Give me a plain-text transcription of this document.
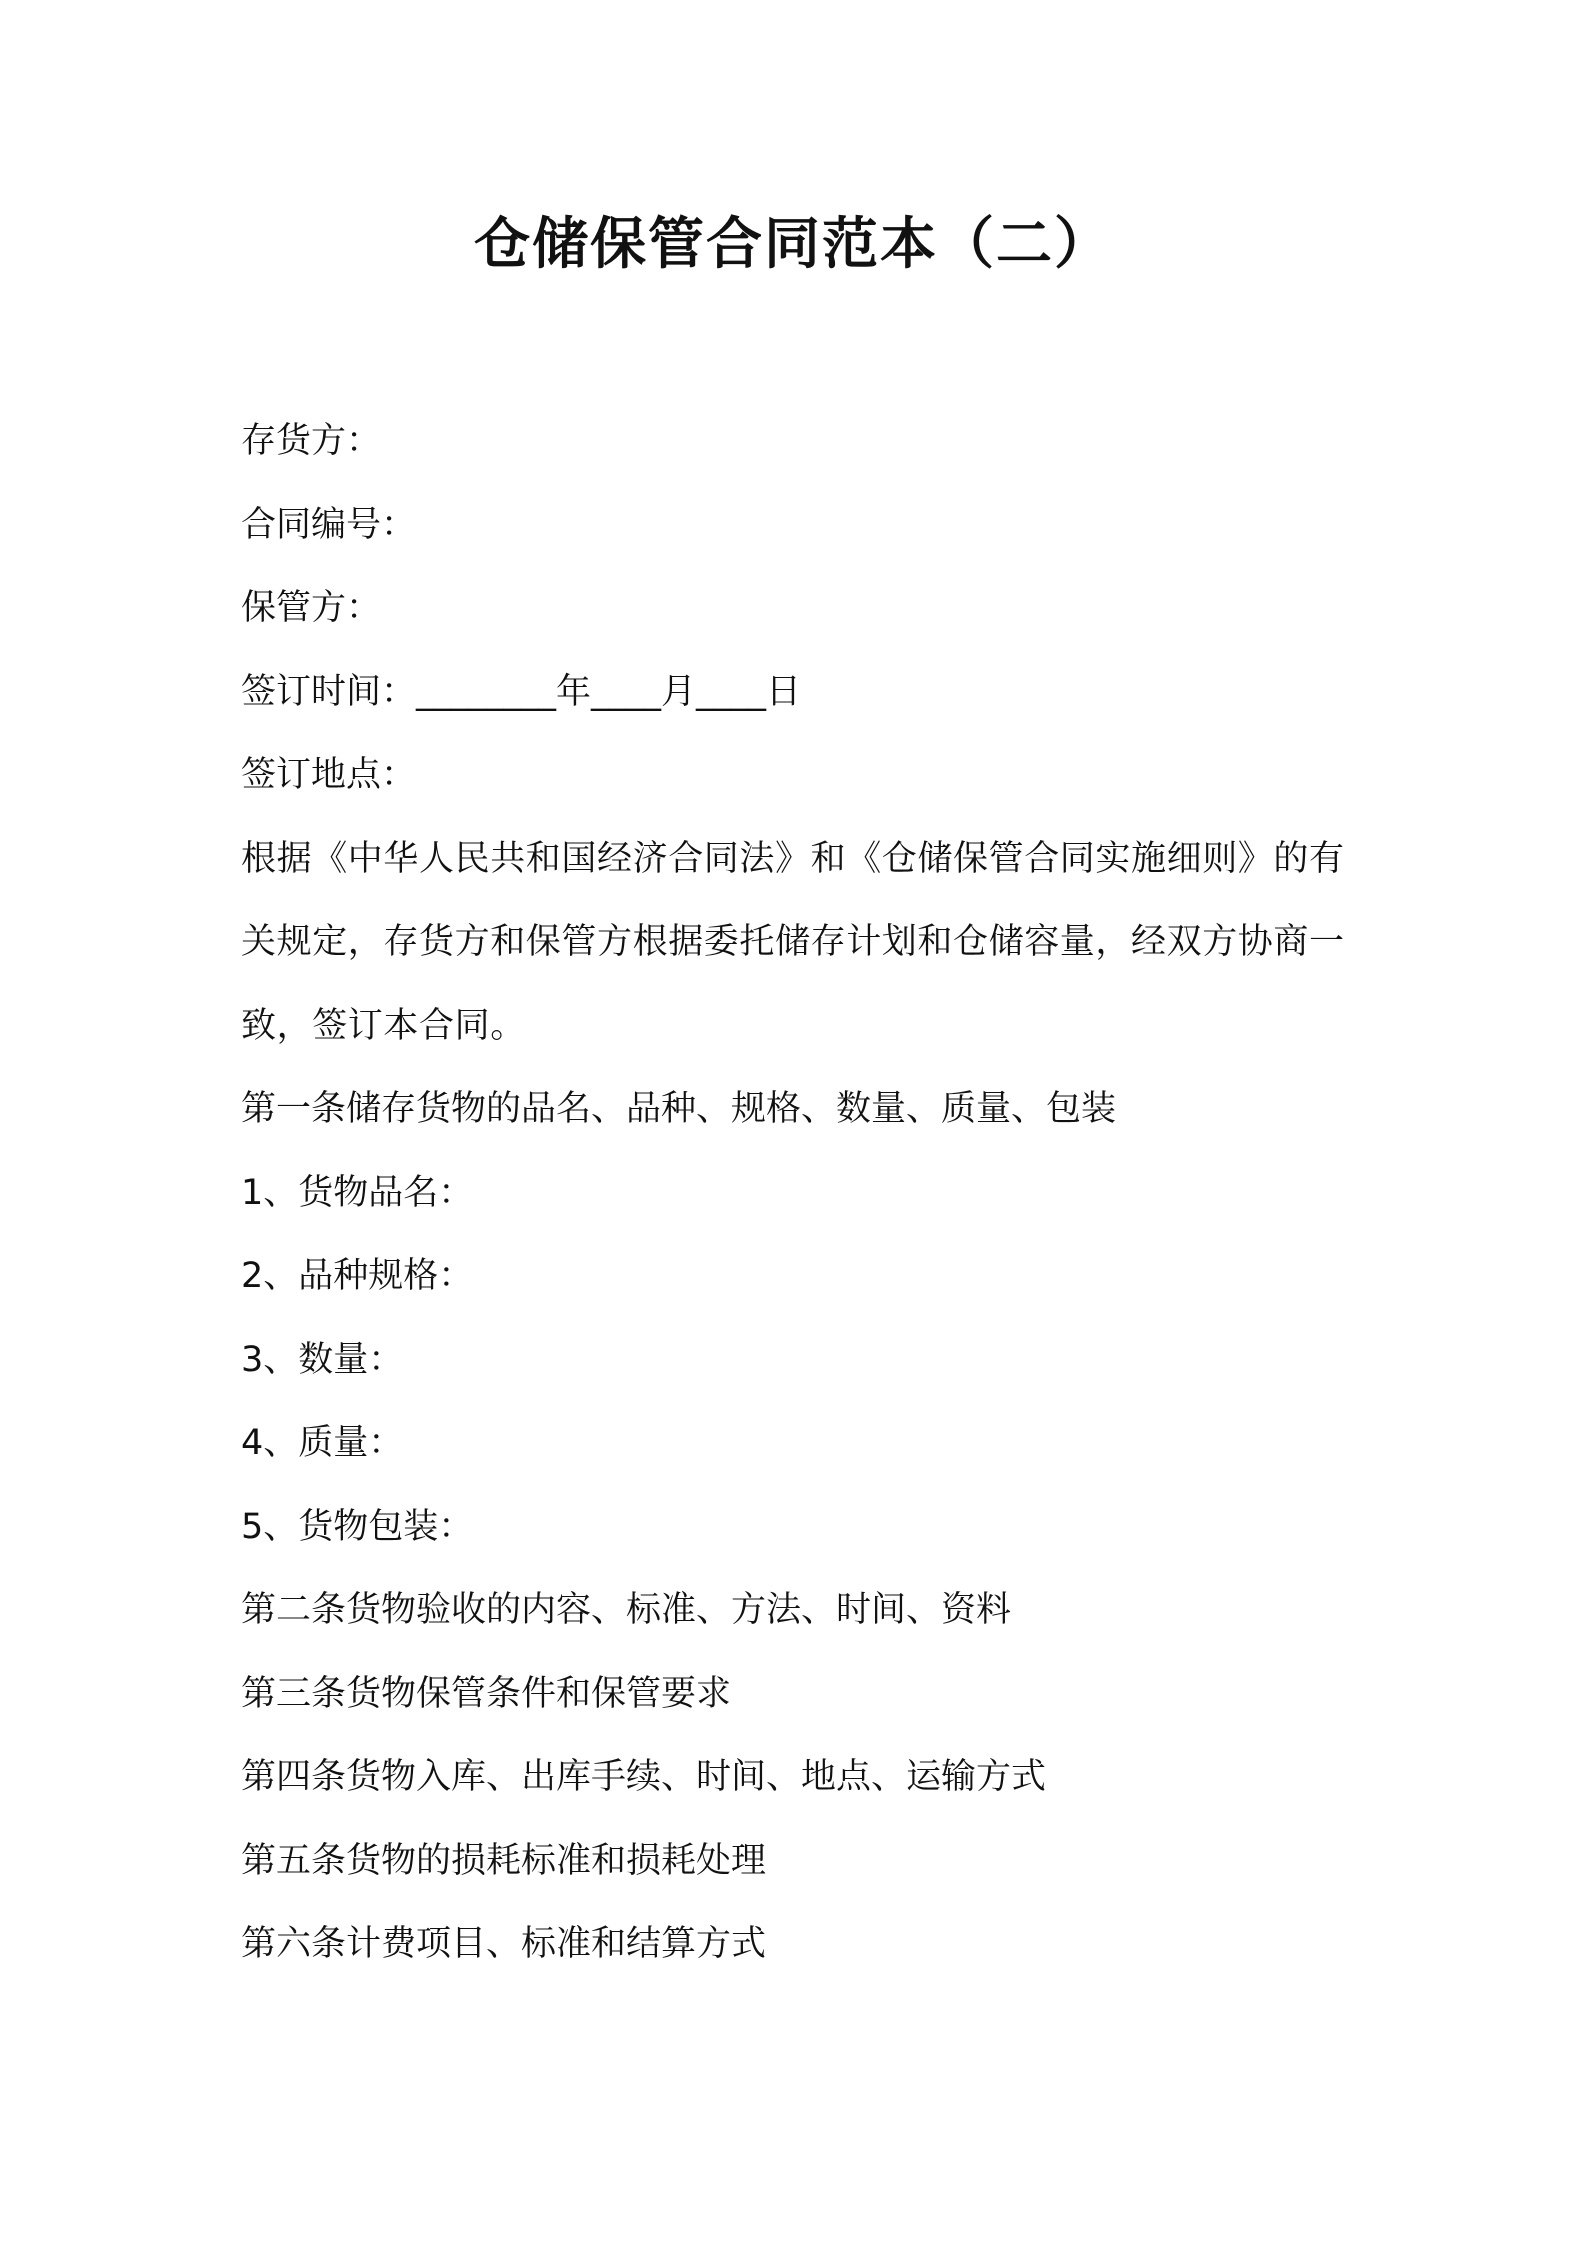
仓储保管合同范本（二）
存货方：
合同编号：
保管方：
签订时间：________年____月____日
签订地点：
根据《中华人民共和国经济合同法》和《仓储保管合同实施细则》的有关规定，存货方和保管方根据委托储存计划和仓储容量，经双方协商一致，签订本合同。
第一条储存货物的品名、品种、规格、数量、质量、包装
1、货物品名：
2、品种规格：
3、数量：
4、质量：
5、货物包装：
第二条货物验收的内容、标准、方法、时间、资料
第三条货物保管条件和保管要求
第四条货物入库、出库手续、时间、地点、运输方式
第五条货物的损耗标准和损耗处理
第六条计费项目、标准和结算方式
